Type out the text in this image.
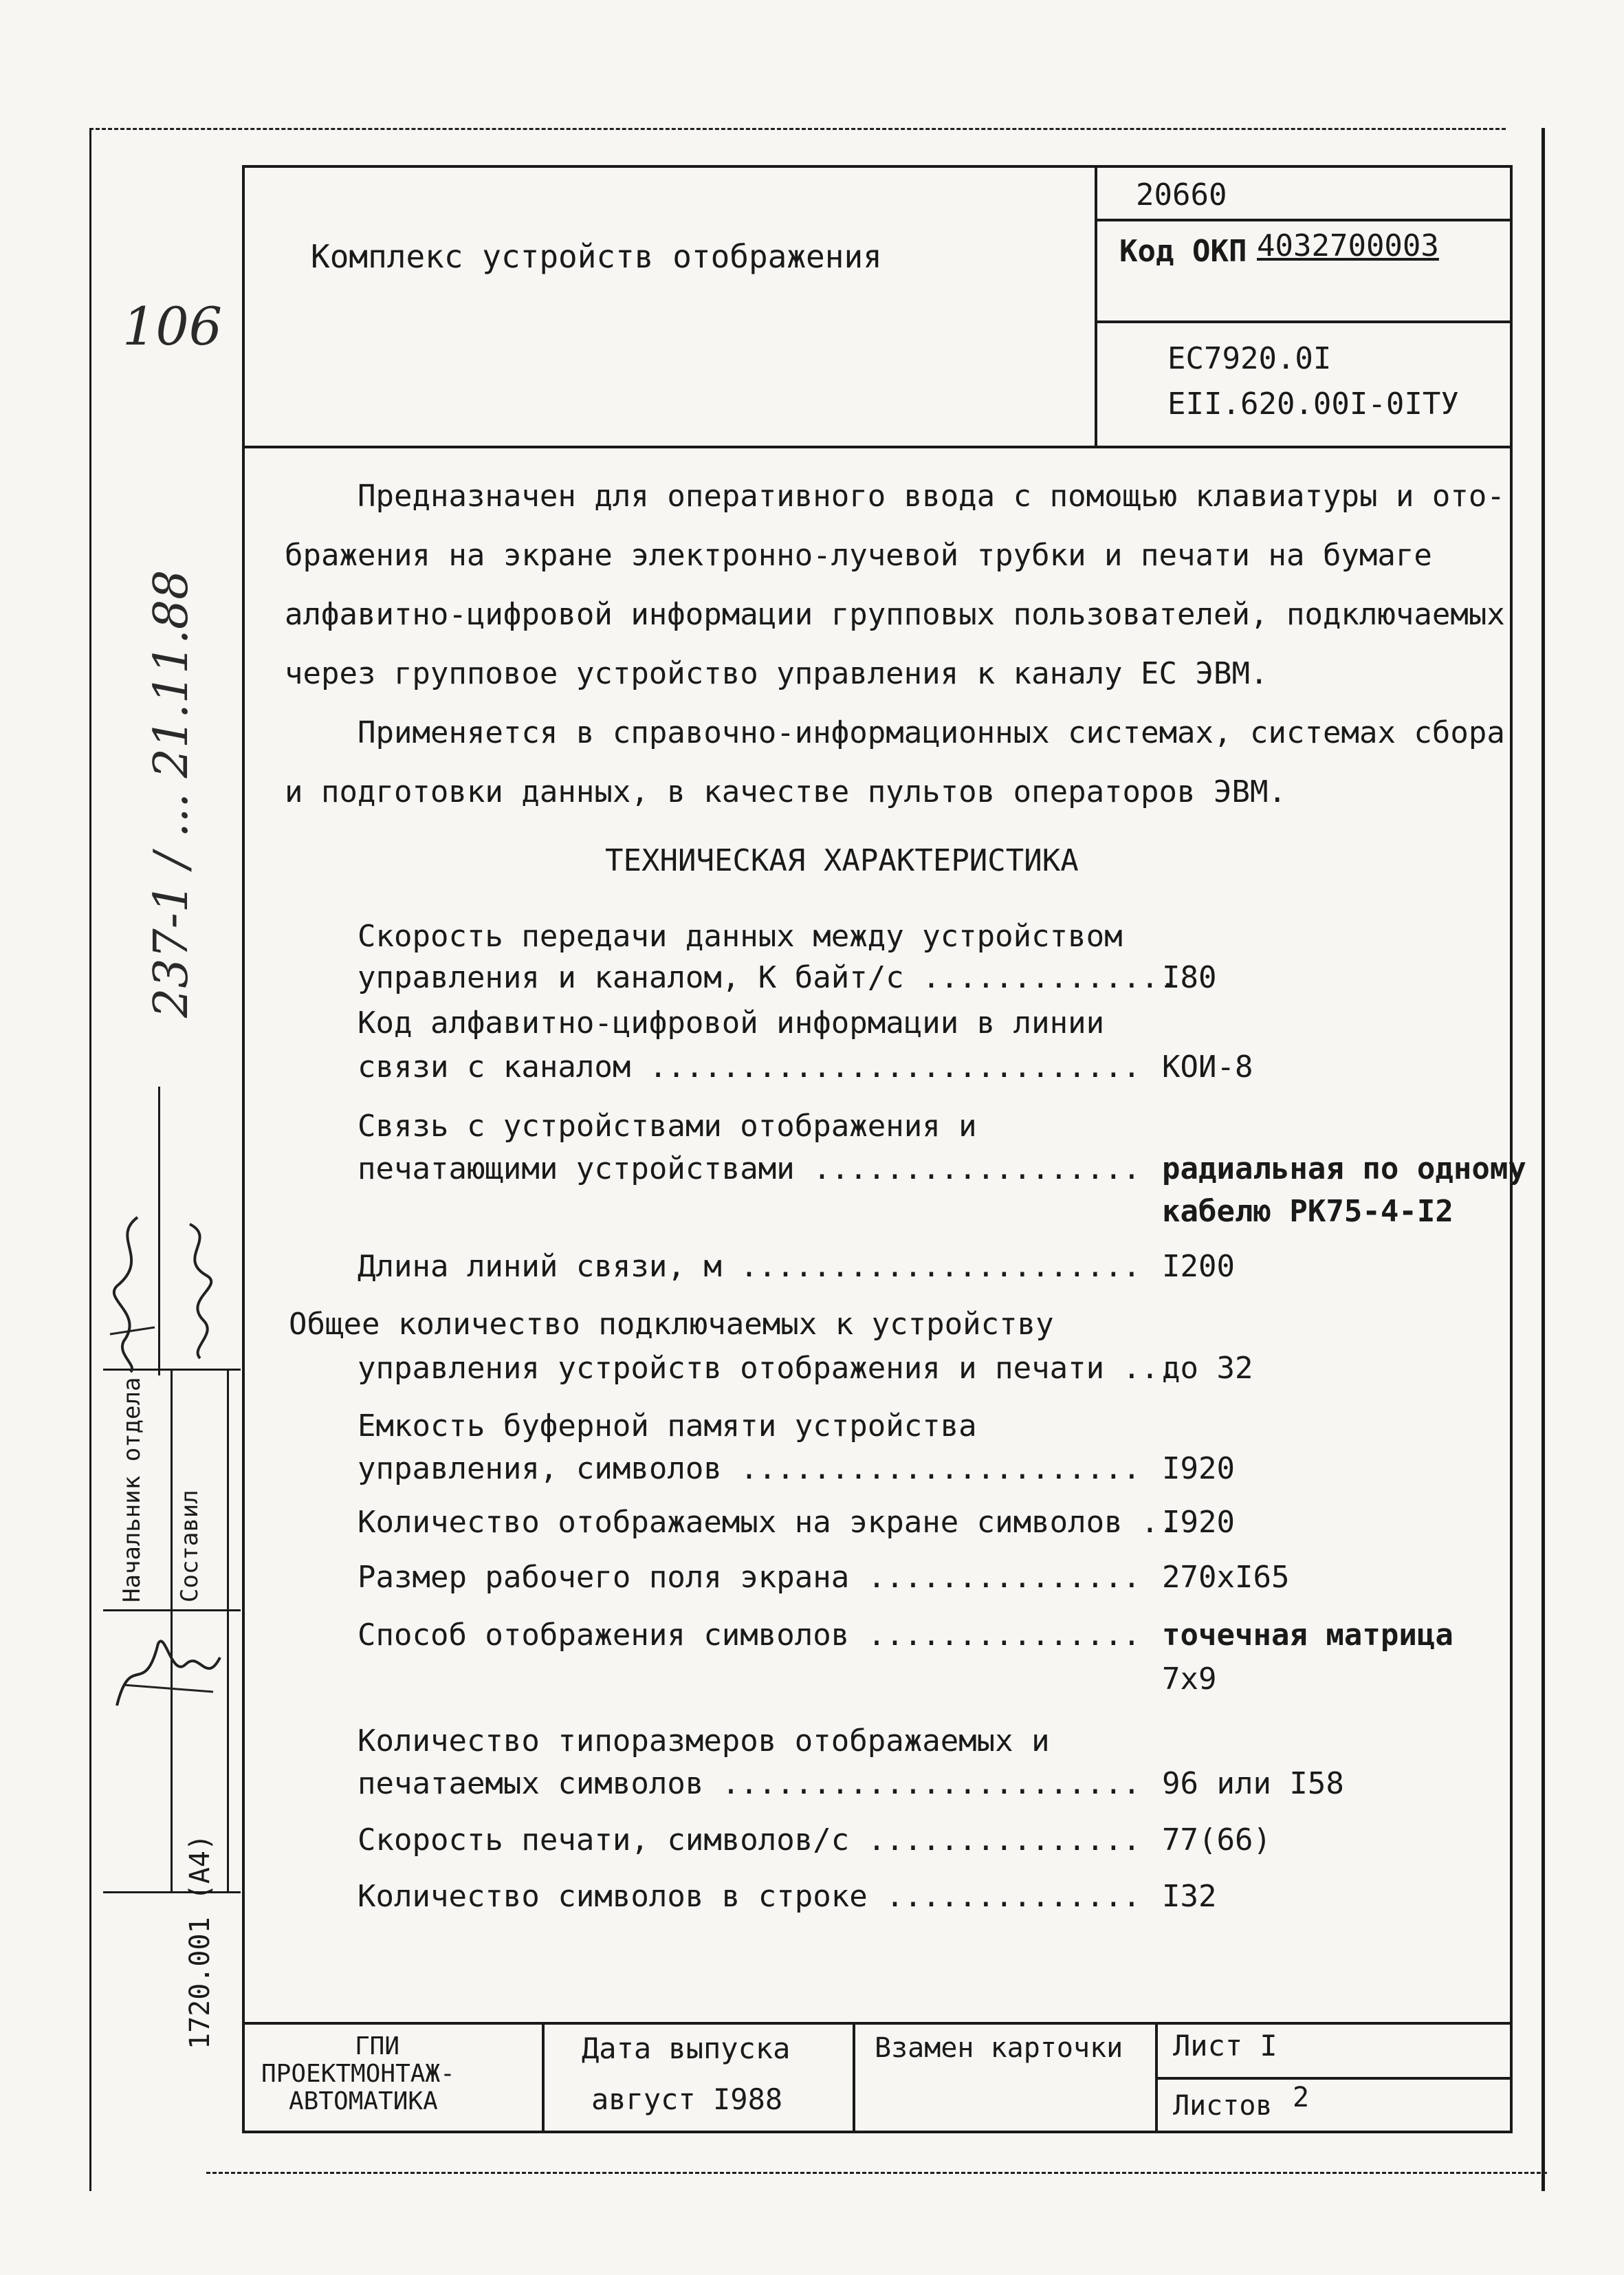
Комплекс устройств отображения
20660
Код ОКП 4032700003
ЕС7920.0I
ЕII.620.00I-0IТУ
Предназначен для оперативного ввода с помощью клавиатуры и ото-
бражения на экране электронно-лучевой трубки и печати на бумаге
алфавитно-цифровой информации групповых пользователей, подключаемых
через групповое устройство управления к каналу ЕС ЭВМ.
Применяется в справочно-информационных системах, системах сбора
и подготовки данных, в качестве пультов операторов ЭВМ.
ТЕХНИЧЕСКАЯ ХАРАКТЕРИСТИКА
Скорость передачи данных между устройством
управления и каналом, К байт/с ..............
I80
Код алфавитно-цифровой информации в линии
связи с каналом ........................... КОИ-8
Связь с устройствами отображения и
печатающими устройствами .................. радиальная по одному
кабелю РК75-4-I2
Длина линий связи, м ...................... I200
Общее количество подключаемых к устройству
управления устройств отображения и печати ...
до 32
Емкость буферной памяти устройства
управления, символов ...................... I920
Количество отображаемых на экране символов ..
I920
Размер рабочего поля экрана ............... 270хI65
Способ отображения символов ............... точечная матрица
7х9
Количество типоразмеров отображаемых и
печатаемых символов ....................... 96 или I58
Скорость печати, символов/с ............... 77(66)
Количество символов в строке .............. I32
ГПИ
ПРОЕКТМОНТАЖ-
АВТОМАТИКА
Дата выпуска
август I988
Взамен карточки Лист I
Листов 2
106
237-1 / ... 21.11.88
Начальник отдела Составил
1720.001 (A4)
